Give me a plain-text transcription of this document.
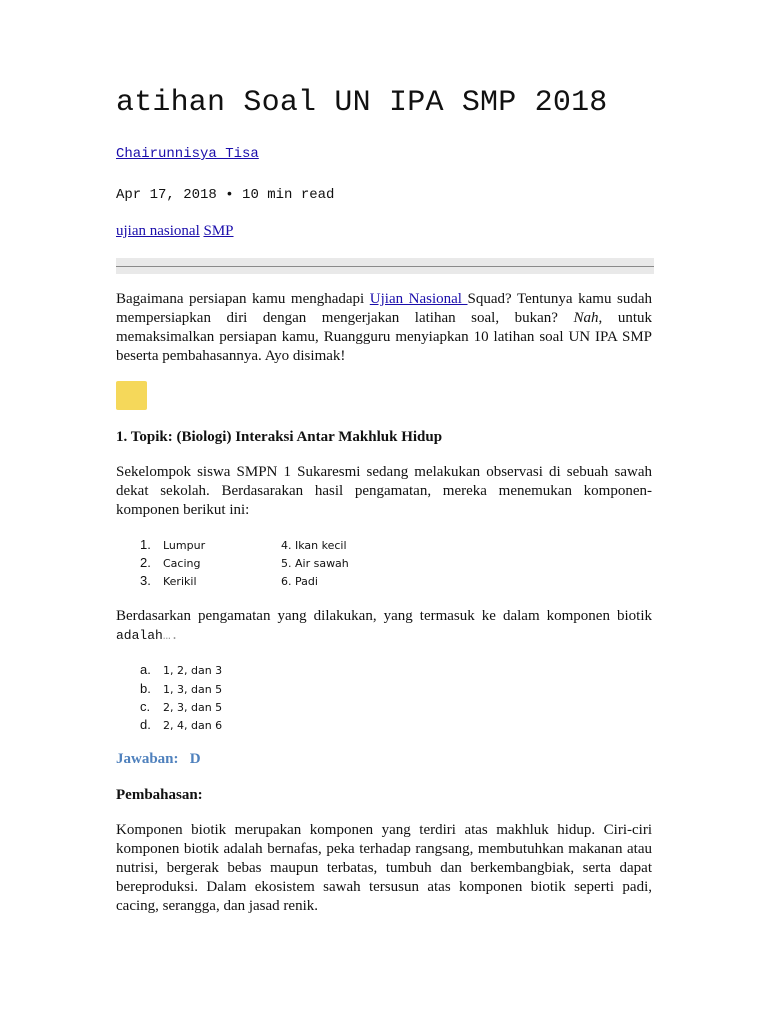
atihan Soal UN IPA SMP 2018
Chairunnisya Tisa
Apr 17, 2018 • 10 min read
ujian nasional SMP
Bagaimana persiapan kamu menghadapi Ujian Nasional Squad? Tentunya kamu sudah mempersiapkan diri dengan mengerjakan latihan soal, bukan? Nah, untuk memaksimalkan persiapan kamu, Ruangguru menyiapkan 10 latihan soal UN IPA SMP beserta pembahasannya. Ayo disimak!
1. Topik: (Biologi) Interaksi Antar Makhluk Hidup
Sekelompok siswa SMPN 1 Sukaresmi sedang melakukan observasi di sebuah sawah dekat sekolah. Berdasarakan hasil pengamatan, mereka menemukan komponen-komponen berikut ini:
1. Lumpur
2. Cacing
3. Kerikil
4. Ikan kecil
5. Air sawah
6. Padi
Berdasarkan pengamatan yang dilakukan, yang termasuk ke dalam komponen biotik adalah….
a. 1, 2, dan 3
b. 1, 3, dan 5
c. 2, 3, dan 5
d. 2, 4, dan 6
Jawaban:   D
Pembahasan:
Komponen biotik merupakan komponen yang terdiri atas makhluk hidup. Ciri-ciri komponen biotik adalah bernafas, peka terhadap rangsang, membutuhkan makanan atau nutrisi, bergerak bebas maupun terbatas, tumbuh dan berkembangbiak, serta dapat bereproduksi. Dalam ekosistem sawah tersusun atas komponen biotik seperti padi, cacing, serangga, dan jasad renik.
